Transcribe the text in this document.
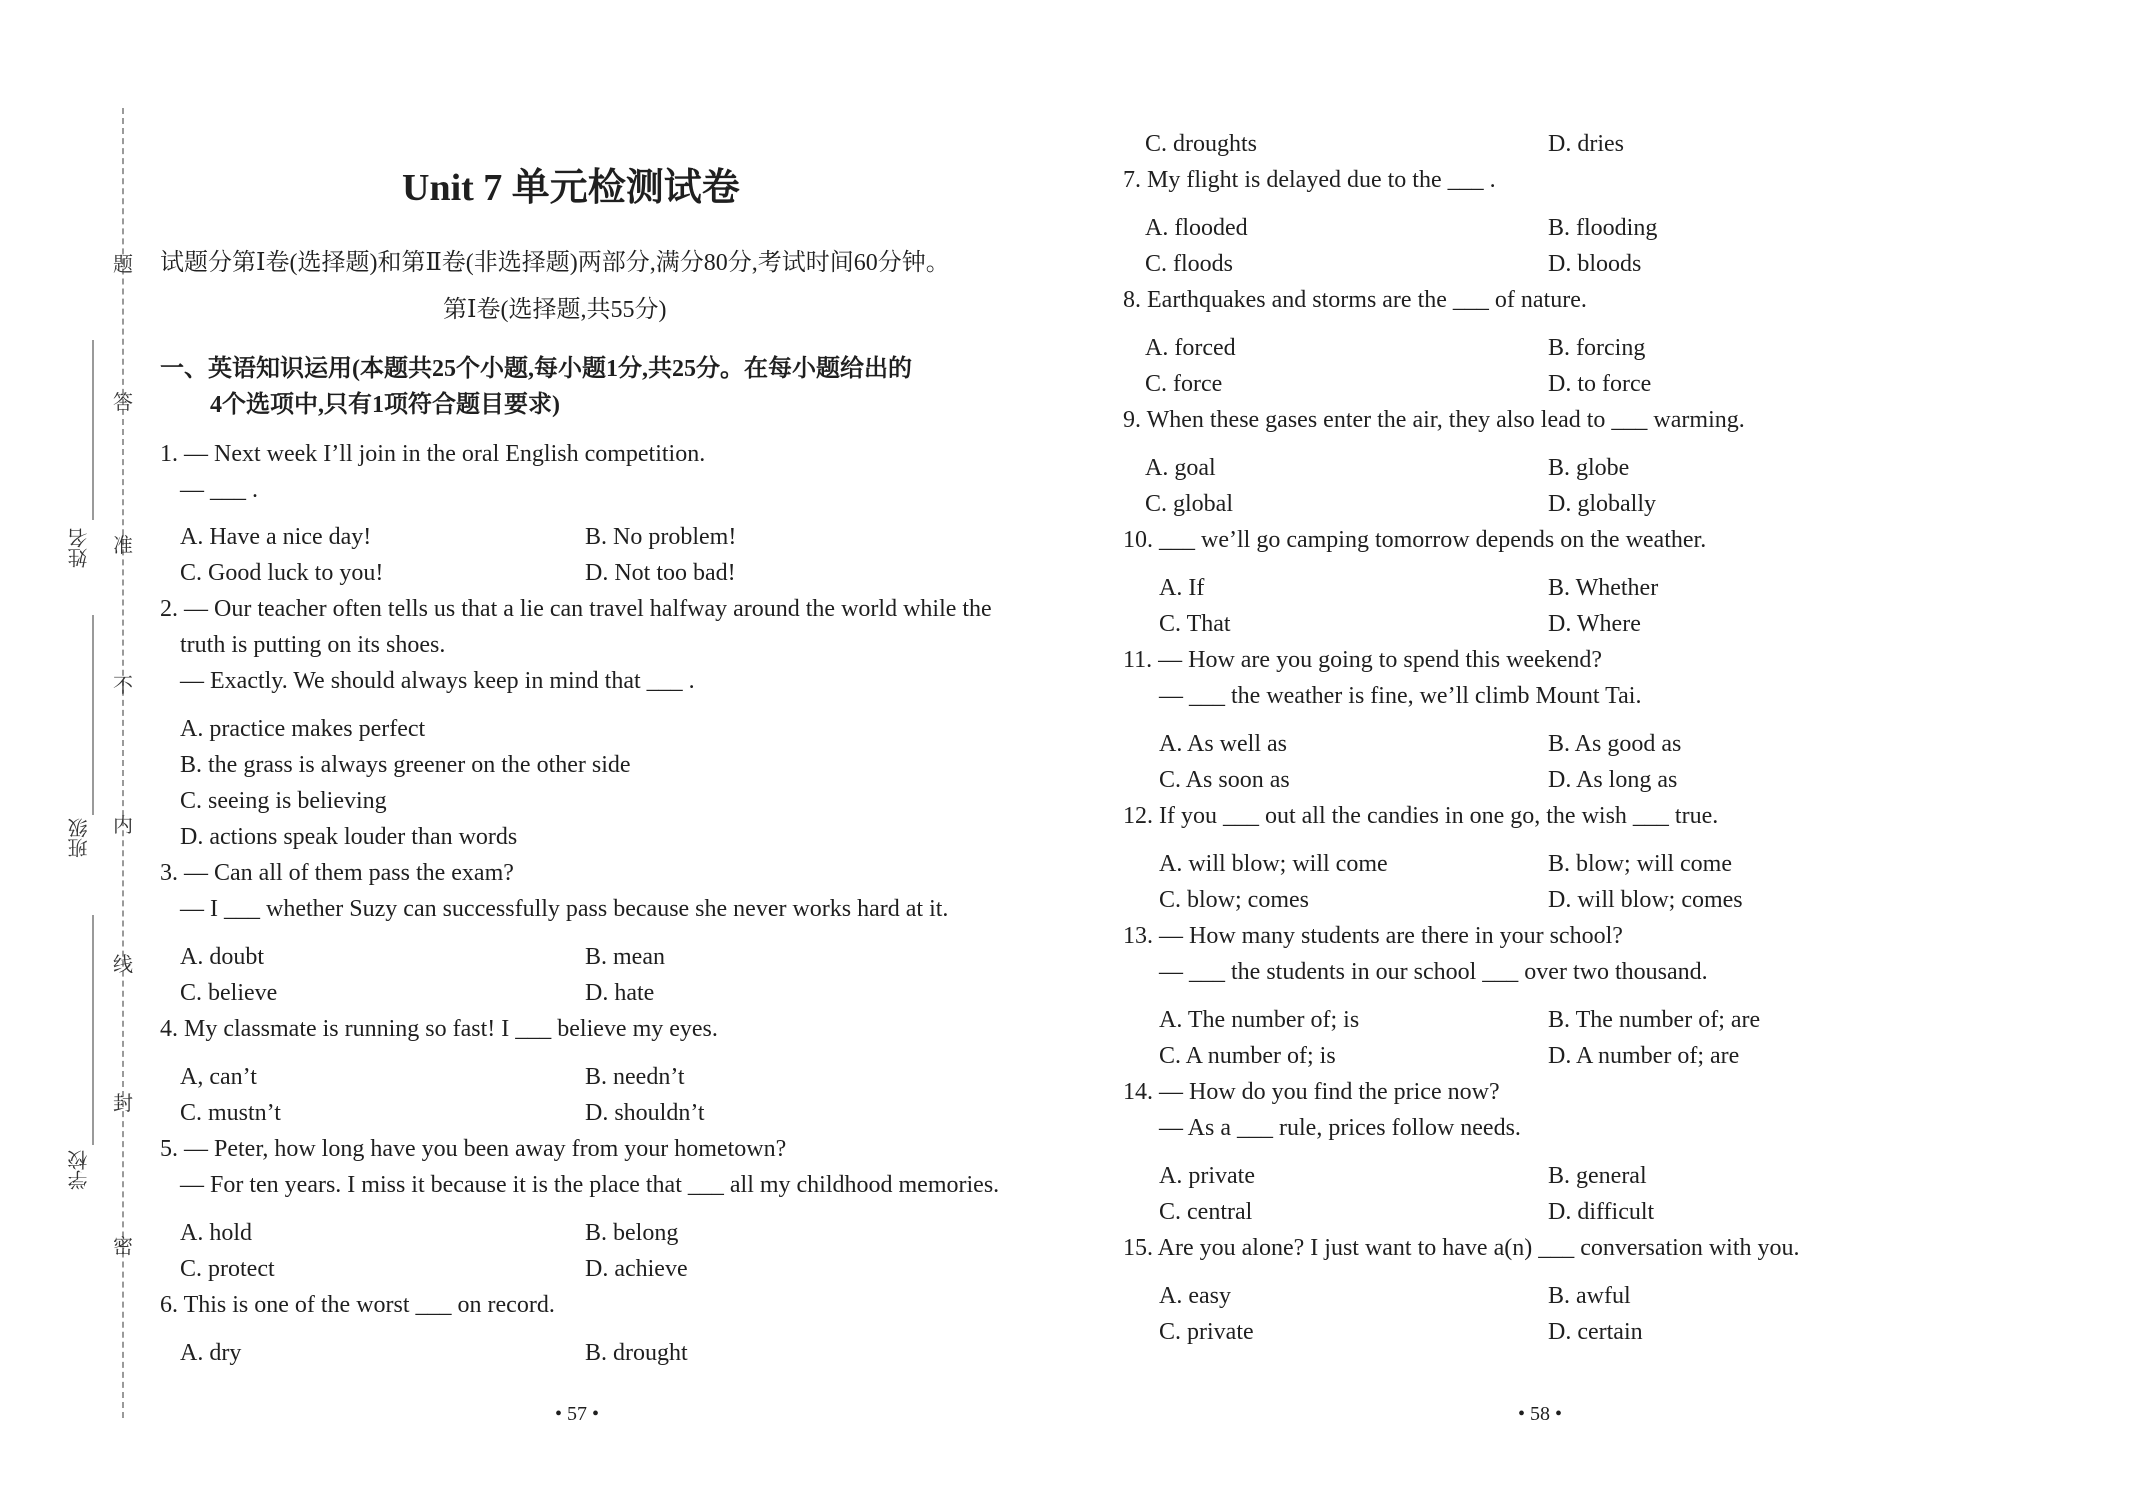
题
答
准
不
内
线
封
密
姓名
班级
学校
Unit 7 单元检测试卷
试题分第Ⅰ卷(选择题)和第Ⅱ卷(非选择题)两部分,满分80分,考试时间60分钟。
第Ⅰ卷(选择题,共55分)
一、英语知识运用(本题共25个小题,每小题1分,共25分。在每小题给出的
4个选项中,只有1项符合题目要求)
1. — Next week I’ll join in the oral English competition.
— ___ .
A. Have a nice day!	B. No problem!
C. Good luck to you!	D. Not too bad!
2. — Our teacher often tells us that a lie can travel halfway around the world while the
truth is putting on its shoes.
— Exactly. We should always keep in mind that ___ .
A. practice makes perfect
B. the grass is always greener on the other side
C. seeing is believing
D. actions speak louder than words
3. — Can all of them pass the exam?
— I ___ whether Suzy can successfully pass because she never works hard at it.
A. doubt	B. mean
C. believe	D. hate
4. My classmate is running so fast! I ___ believe my eyes.
A, can’t	B. needn’t
C. mustn’t	D. shouldn’t
5. — Peter, how long have you been away from your hometown?
— For ten years. I miss it because it is the place that ___ all my childhood memories.
A. hold	B. belong
C. protect	D. achieve
6. This is one of the worst ___ on record.
A. dry	B. drought
• 57 •
C. droughts	D. dries
7. My flight is delayed due to the ___ .
A. flooded	B. flooding
C. floods	D. bloods
8. Earthquakes and storms are the ___ of nature.
A. forced	B. forcing
C. force	D. to force
9. When these gases enter the air, they also lead to ___ warming.
A. goal	B. globe
C. global	D. globally
10. ___ we’ll go camping tomorrow depends on the weather.
A. If	B. Whether
C. That	D. Where
11. — How are you going to spend this weekend?
— ___ the weather is fine, we’ll climb Mount Tai.
A. As well as	B. As good as
C. As soon as	D. As long as
12. If you ___ out all the candies in one go, the wish ___ true.
A. will blow; will come	B. blow; will come
C. blow; comes	D. will blow; comes
13. — How many students are there in your school?
— ___ the students in our school ___ over two thousand.
A. The number of; is	B. The number of; are
C. A number of; is	D. A number of; are
14. — How do you find the price now?
— As a ___ rule, prices follow needs.
A. private	B. general
C. central	D. difficult
15. Are you alone? I just want to have a(n) ___ conversation with you.
A. easy	B. awful
C. private	D. certain
• 58 •
